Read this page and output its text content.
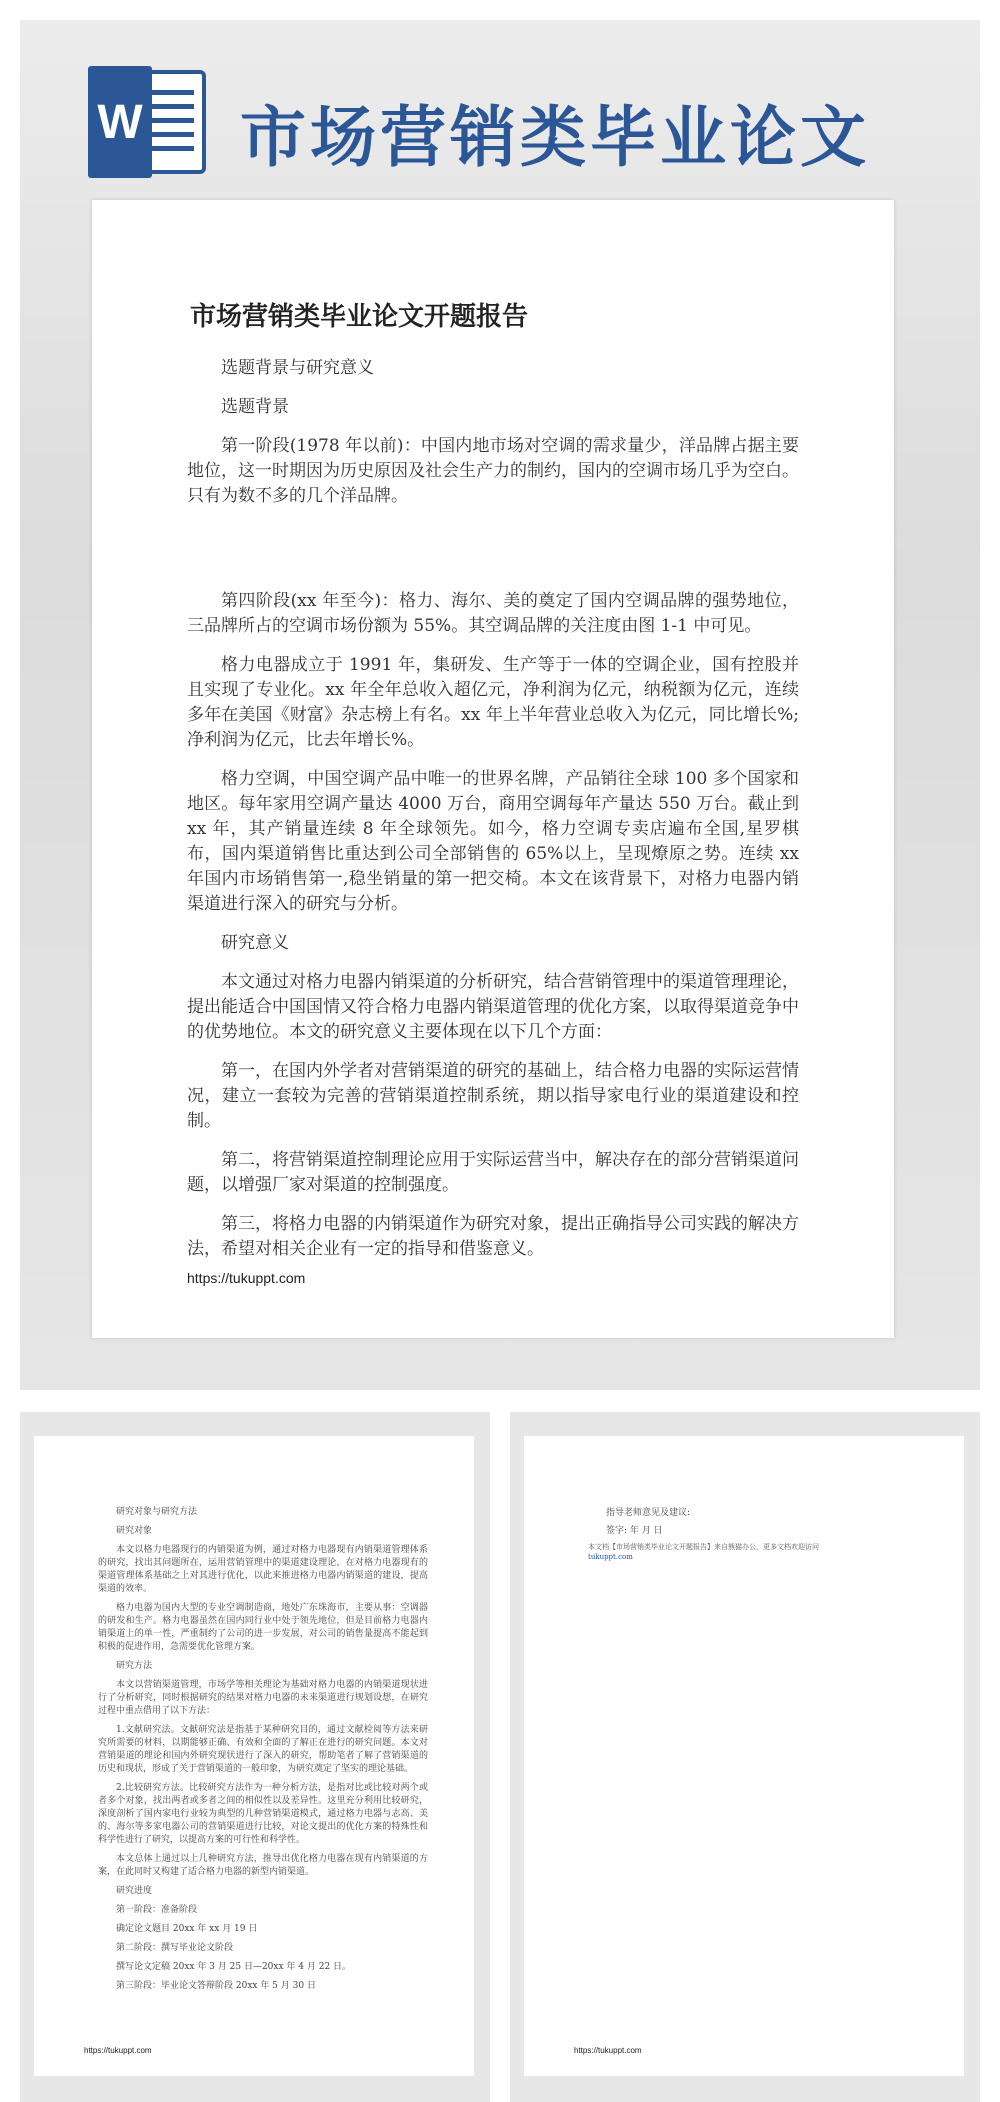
W 市场营销类毕业论文
市场营销类毕业论文开题报告

选题背景与研究意义

选题背景

第一阶段(1978 年以前)：中国内地市场对空调的需求量少，洋品牌占据主要地位，这一时期因为历史原因及社会生产力的制约，国内的空调市场几乎为空白。只有为数不多的几个洋品牌。

第四阶段(xx 年至今)：格力、海尔、美的奠定了国内空调品牌的强势地位，三品牌所占的空调市场份额为 55%。其空调品牌的关注度由图 1-1 中可见。

格力电器成立于 1991 年，集研发、生产等于一体的空调企业，国有控股并且实现了专业化。xx 年全年总收入超亿元，净利润为亿元，纳税额为亿元，连续多年在美国《财富》杂志榜上有名。xx 年上半年营业总收入为亿元，同比增长%;净利润为亿元，比去年增长%。

格力空调，中国空调产品中唯一的世界名牌，产品销往全球 100 多个国家和地区。每年家用空调产量达 4000 万台，商用空调每年产量达 550 万台。截止到 xx 年，其产销量连续 8 年全球领先。如今，格力空调专卖店遍布全国,星罗棋布，国内渠道销售比重达到公司全部销售的 65%以上，呈现燎原之势。连续 xx 年国内市场销售第一,稳坐销量的第一把交椅。本文在该背景下，对格力电器内销渠道进行深入的研究与分析。

研究意义

本文通过对格力电器内销渠道的分析研究，结合营销管理中的渠道管理理论，提出能适合中国国情又符合格力电器内销渠道管理的优化方案，以取得渠道竞争中的优势地位。本文的研究意义主要体现在以下几个方面：

第一，在国内外学者对营销渠道的研究的基础上，结合格力电器的实际运营情况，建立一套较为完善的营销渠道控制系统，期以指导家电行业的渠道建设和控制。

第二，将营销渠道控制理论应用于实际运营当中，解决存在的部分营销渠道问题，以增强厂家对渠道的控制强度。

第三，将格力电器的内销渠道作为研究对象，提出正确指导公司实践的解决方法，希望对相关企业有一定的指导和借鉴意义。

https://tukuppt.com

研究对象与研究方法

研究对象

本文以格力电器现行的内销渠道为例，通过对格力电器现有内销渠道管理体系的研究，找出其问题所在，运用营销管理中的渠道建设理论，在对格力电器现有的渠道管理体系基础之上对其进行优化，以此来推进格力电器内销渠道的建设，提高渠道的效率。

格力电器为国内大型的专业空调制造商，地处广东珠海市，主要从事：空调器的研发和生产。格力电器虽然在国内同行业中处于领先地位，但是目前格力电器内销渠道上的单一性，严重制约了公司的进一步发展，对公司的销售量提高不能起到积极的促进作用，急需要优化管理方案。

研究方法

本文以营销渠道管理，市场学等相关理论为基础对格力电器的内销渠道现状进行了分析研究，同时根据研究的结果对格力电器的未来渠道进行规划设想，在研究过程中重点借用了以下方法：

1.文献研究法。文献研究法是指基于某种研究目的，通过文献检阅等方法来研究所需要的材料，以期能够正确、有效和全面的了解正在进行的研究问题。本文对营销渠道的理论和国内外研究现状进行了深入的研究，帮助笔者了解了营销渠道的历史和现状，形成了关于营销渠道的一般印象，为研究奠定了坚实的理论基础。

2.比较研究方法。比较研究方法作为一种分析方法，是指对比或比较对两个或者多个对象，找出两者或多者之间的相似性以及差异性。这里充分利用比较研究，深度剖析了国内家电行业较为典型的几种营销渠道模式，通过格力电器与志高、美的、海尔等多家电器公司的营销渠道进行比较，对论文提出的优化方案的特殊性和科学性进行了研究，以提高方案的可行性和科学性。

本文总体上通过以上几种研究方法，推导出优化格力电器在现有内销渠道的方案，在此同时又构建了适合格力电器的新型内销渠道。

研究进度

第一阶段：准备阶段

确定论文题目 20xx 年 xx 月 19 日

第二阶段：撰写毕业论文阶段

撰写论文定稿 20xx 年 3 月 25 日—20xx 年 4 月 22 日。

第三阶段：毕业论文答辩阶段 20xx 年 5 月 30 日

https://tukuppt.com

指导老师意见及建议:

签字: 年 月 日

本文档【市场营销类毕业论文开题报告】来自熊猫办公，更多文档欢迎访问
tukuppt.com
https://tukuppt.com
